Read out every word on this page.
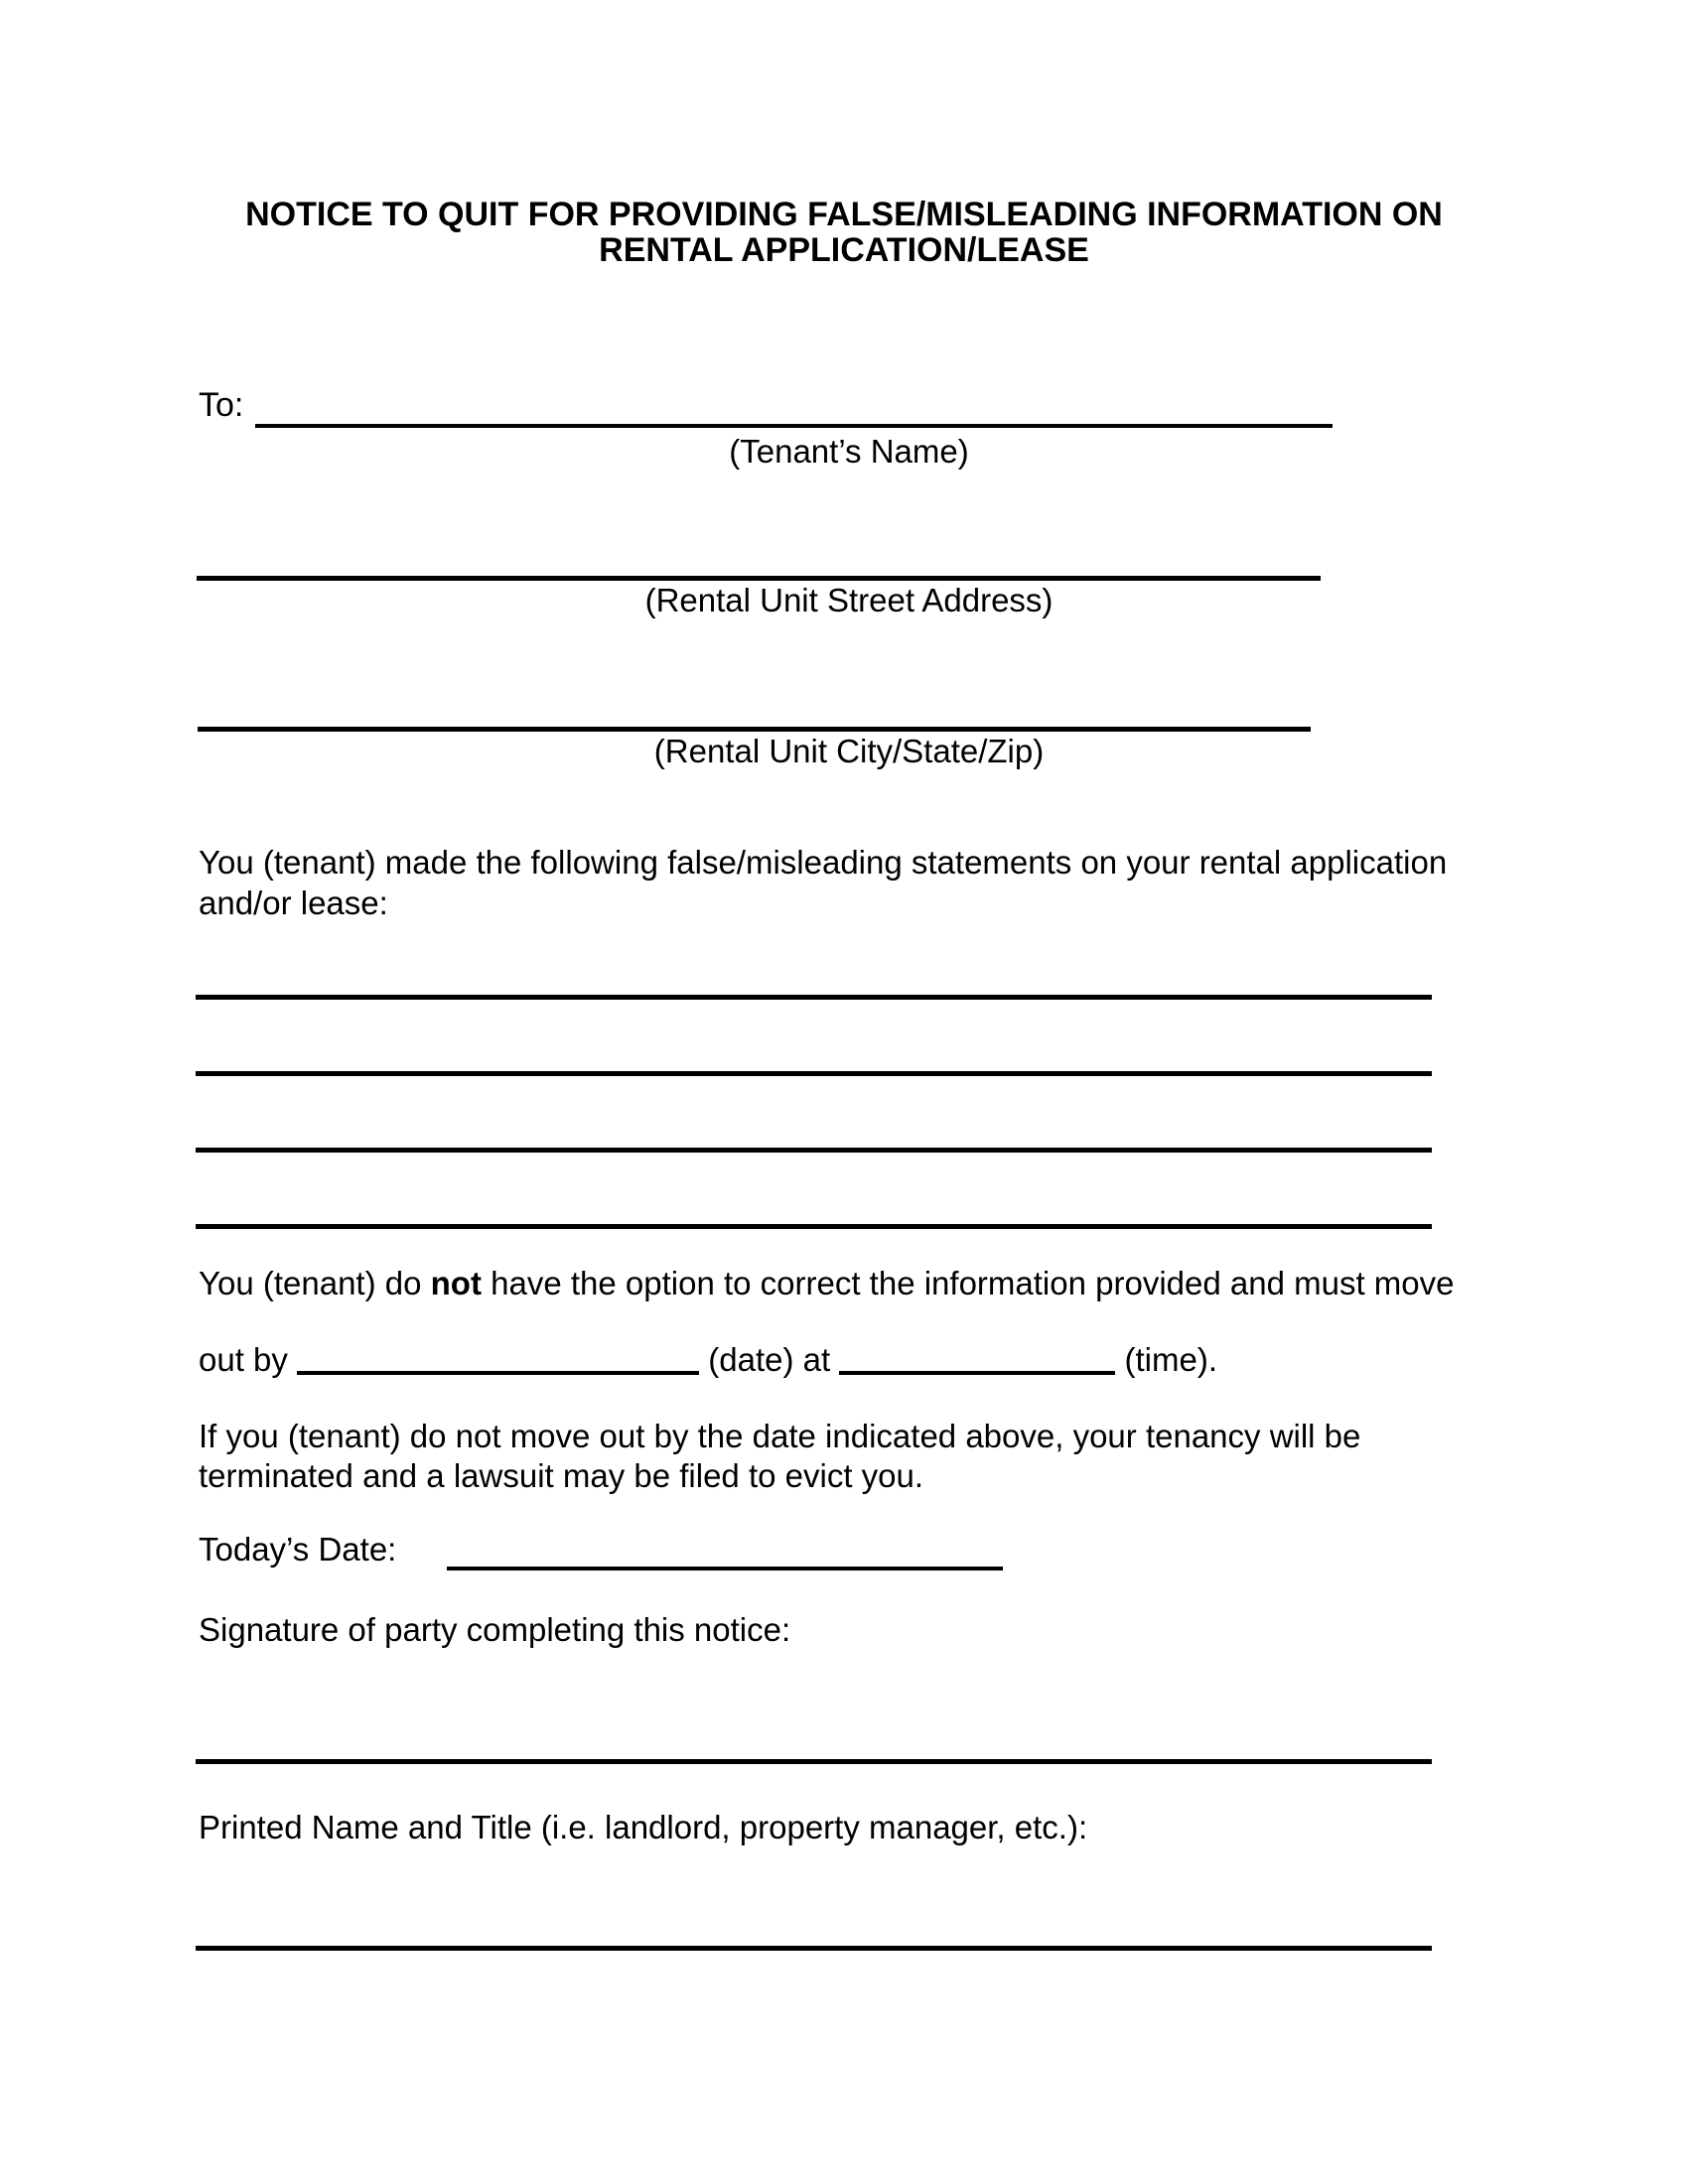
NOTICE TO QUIT FOR PROVIDING FALSE/MISLEADING INFORMATION ON
RENTAL APPLICATION/LEASE
To:
(Tenant’s Name)
(Rental Unit Street Address)
(Rental Unit City/State/Zip)
You (tenant) made the following false/misleading statements on your rental application and/or lease:
You (tenant) do not have the option to correct the information provided and must move
out by	(date) at	(time).
If you (tenant) do not move out by the date indicated above, your tenancy will be terminated and a lawsuit may be filed to evict you.
Today’s Date:
Signature of party completing this notice:
Printed Name and Title (i.e. landlord, property manager, etc.):
